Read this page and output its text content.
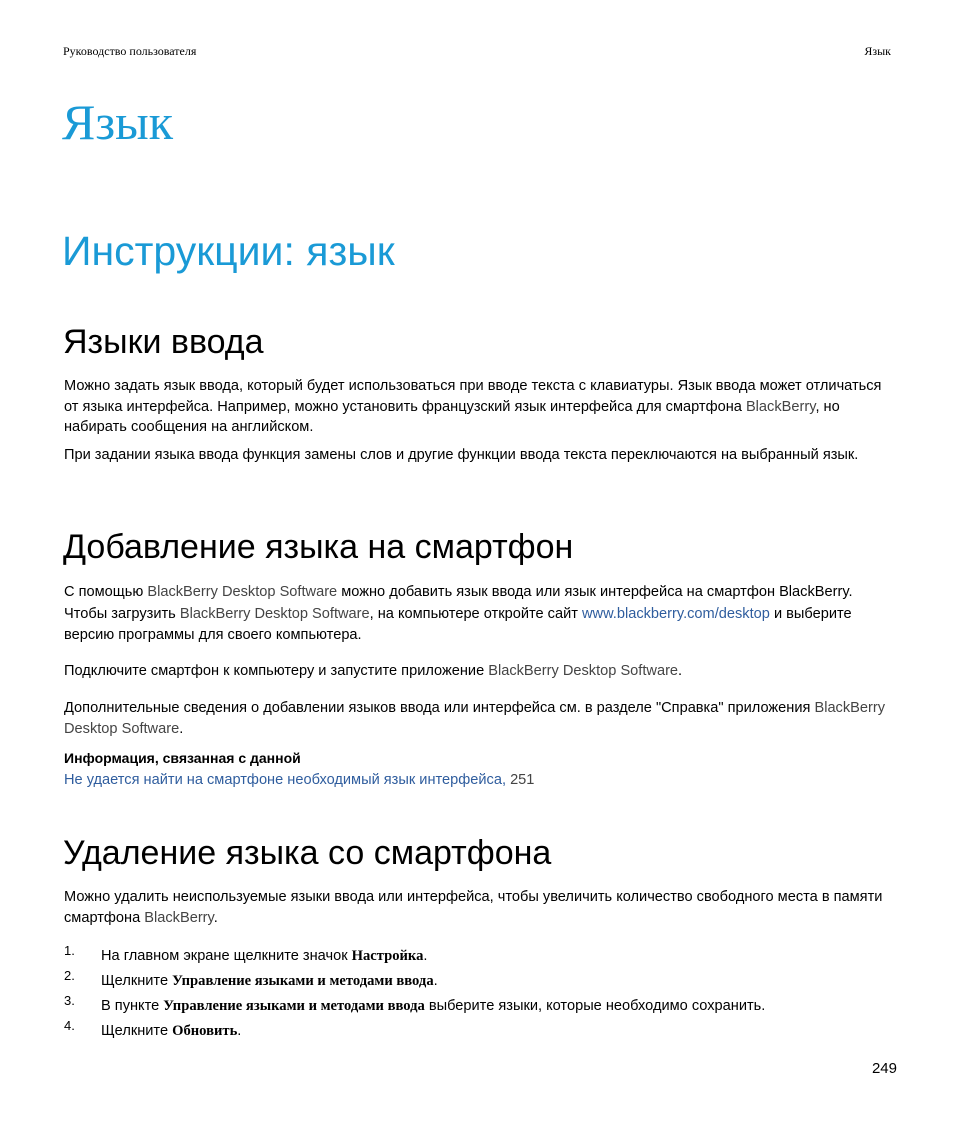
Руководство пользователя	Язык
Язык
Инструкции: язык
Языки ввода
Можно задать язык ввода, который будет использоваться при вводе текста с клавиатуры. Язык ввода может отличаться от языка интерфейса. Например, можно установить французский язык интерфейса для смартфона BlackBerry, но набирать сообщения на английском.
При задании языка ввода функция замены слов и другие функции ввода текста переключаются на выбранный язык.
Добавление языка на смартфон
С помощью BlackBerry Desktop Software можно добавить язык ввода или язык интерфейса на смартфон BlackBerry. Чтобы загрузить BlackBerry Desktop Software, на компьютере откройте сайт www.blackberry.com/desktop и выберите версию программы для своего компьютера.
Подключите смартфон к компьютеру и запустите приложение BlackBerry Desktop Software.
Дополнительные сведения о добавлении языков ввода или интерфейса см. в разделе "Справка" приложения BlackBerry Desktop Software.
Информация, связанная с данной
Не удается найти на смартфоне необходимый язык интерфейса, 251
Удаление языка со смартфона
Можно удалить неиспользуемые языки ввода или интерфейса, чтобы увеличить количество свободного места в памяти смартфона BlackBerry.
1. На главном экране щелкните значок Настройка.
2. Щелкните Управление языками и методами ввода.
3. В пункте Управление языками и методами ввода выберите языки, которые необходимо сохранить.
4. Щелкните Обновить.
249
